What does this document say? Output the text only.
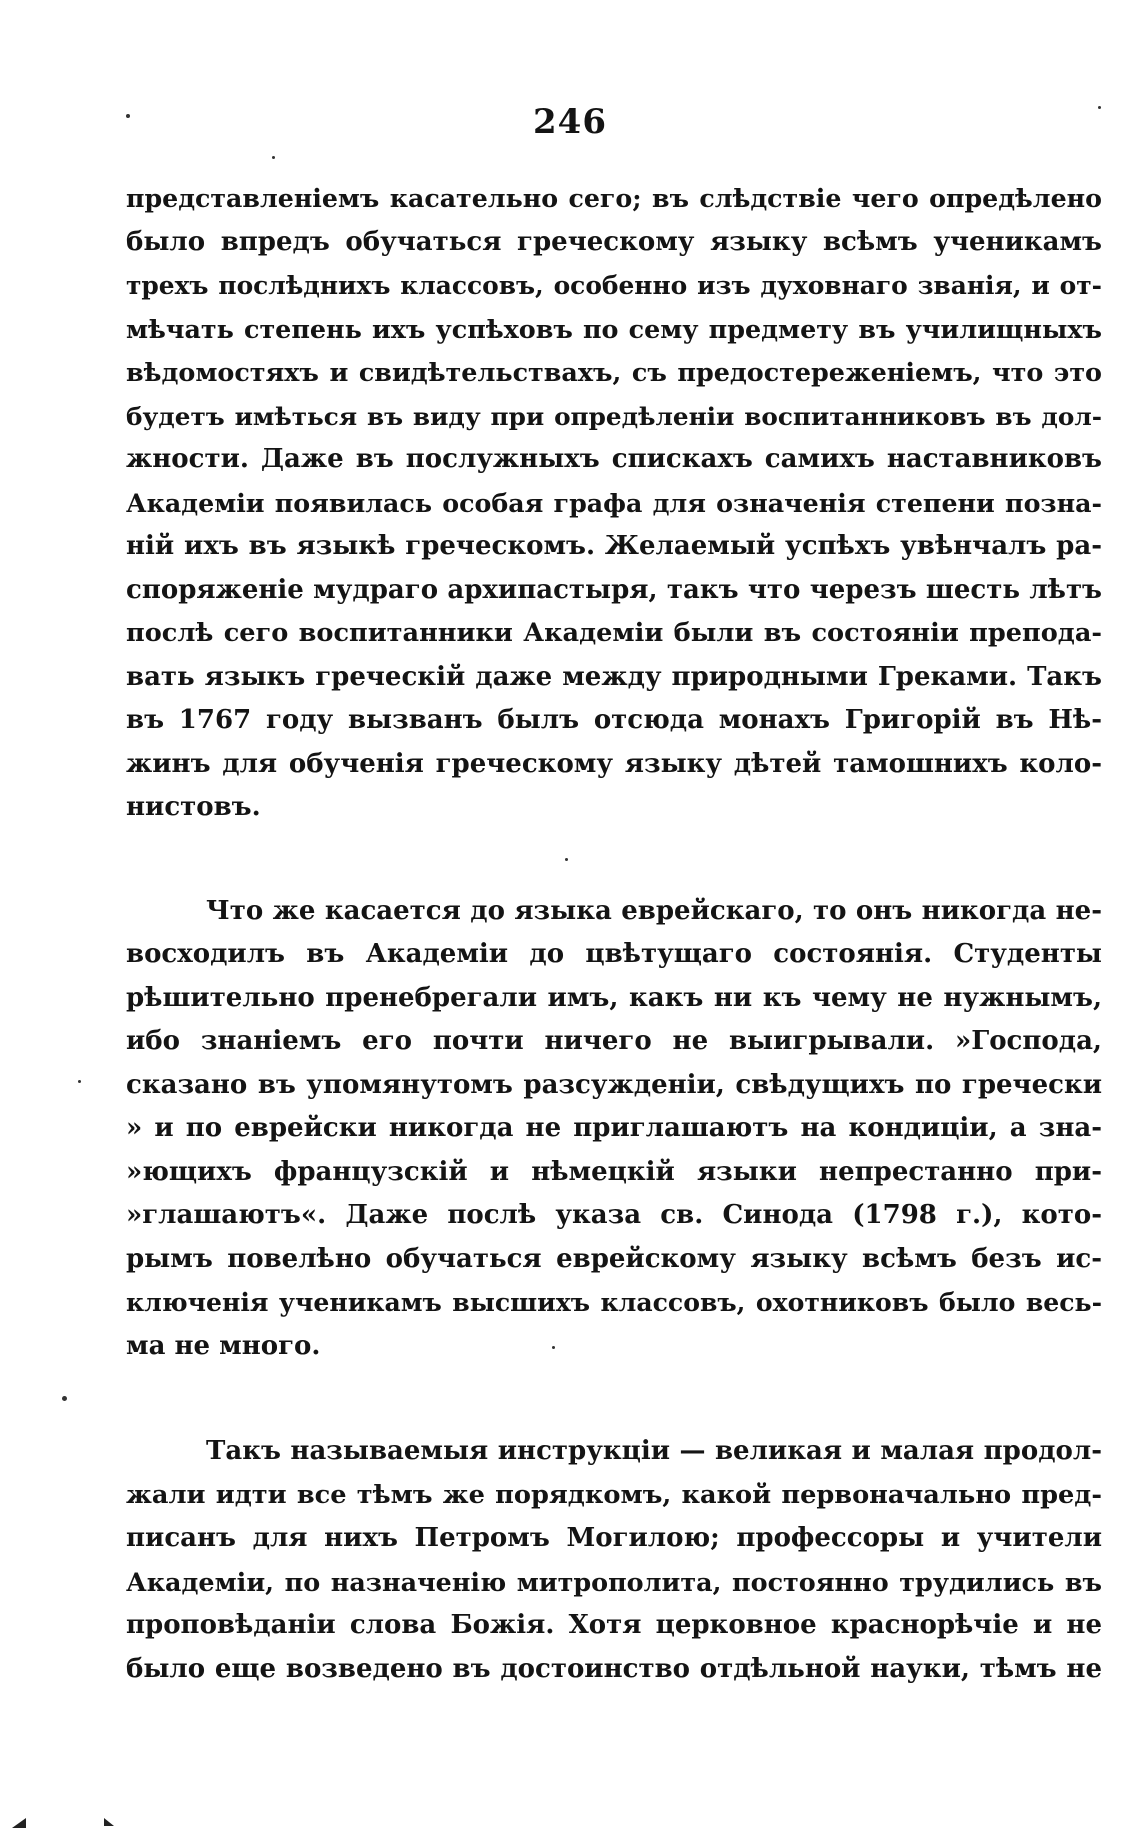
246
представленіемъ касательно сего; въ слѣдствіе чего опредѣлено
было впредъ обучаться греческому языку всѣмъ ученикамъ
трехъ послѣднихъ классовъ, особенно изъ духовнаго званія, и от-
мѣчать степень ихъ успѣховъ по сему предмету въ училищныхъ
вѣдомостяхъ и свидѣтельствахъ, съ предостереженіемъ, что это
будетъ имѣться въ виду при опредѣленіи воспитанниковъ въ дол-
жности. Даже въ послужныхъ спискахъ самихъ наставниковъ
Академіи появилась особая графа для означенія степени позна-
ній ихъ въ языкѣ греческомъ. Желаемый успѣхъ увѣнчалъ ра-
споряженіе мудраго архипастыря, такъ что черезъ шесть лѣтъ
послѣ сего воспитанники Академіи были въ состояніи препода-
вать языкъ греческій даже между природными Греками. Такъ
въ 1767 году вызванъ былъ отсюда монахъ Григорій въ Нѣ-
жинъ для обученія греческому языку дѣтей тамошнихъ коло-
нистовъ.
Что же касается до языка еврейскаго, то онъ никогда не-
восходилъ въ Академіи до цвѣтущаго состоянія. Студенты
рѣшительно пренебрегали имъ, какъ ни къ чему не нужнымъ,
ибо знаніемъ его почти ничего не выигрывали. »Господа,
сказано въ упомянутомъ разсужденіи, свѣдущихъ по гречески
» и по еврейски никогда не приглашаютъ на кондиціи, а зна-
»ющихъ французскій и нѣмецкій языки непрестанно при-
»глашаютъ«. Даже послѣ указа св. Синода (1798 г.), кото-
рымъ повелѣно обучаться еврейскому языку всѣмъ безъ ис-
ключенія ученикамъ высшихъ классовъ, охотниковъ было весь-
ма не много.
Такъ называемыя инструкціи — великая и малая продол-
жали идти все тѣмъ же порядкомъ, какой первоначально пред-
писанъ для нихъ Петромъ Могилою; профессоры и учители
Академіи, по назначенію митрополита, постоянно трудились въ
проповѣданіи слова Божія. Хотя церковное краснорѣчіе и не
было еще возведено въ достоинство отдѣльной науки, тѣмъ не
